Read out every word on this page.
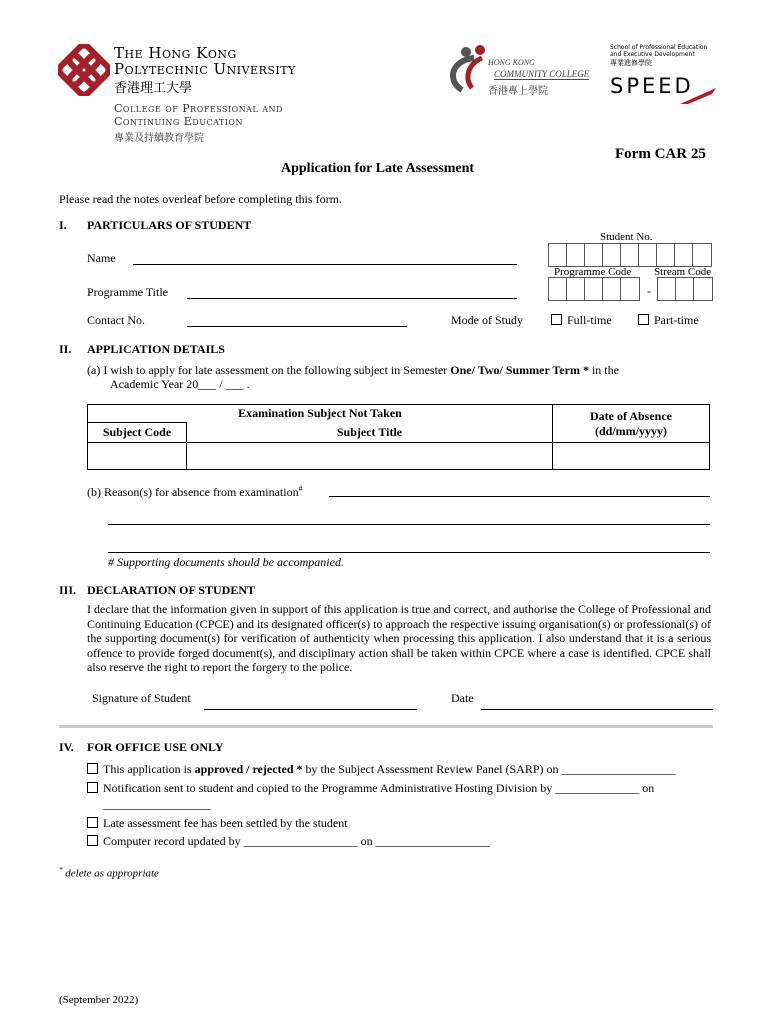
The Hong Kong
Polytechnic University
香港理工大學
College of Professional and
Continuing Education
專業及持續教育學院
HONG KONG
COMMUNITY COLLEGE
香港專上學院
School of Professional Education
and Executive Development
專業進修學院
SPEED
Form CAR 25
Application for Late Assessment
Please read the notes overleaf before completing this form.
I. PARTICULARS OF STUDENT
Student No.
Name
Programme Code Stream Code
-
Programme Title
Contact No.	Mode of Study	Full-time	Part-time
II. APPLICATION DETAILS
(a) I wish to apply for late assessment on the following subject in Semester One/ Two/ Summer Term * in the
Academic Year 20___ / ___ .
Examination Subject Not Taken		Date of Absence
(dd/mm/yyyy)

Subject Code	Subject Title	

(b) Reason(s) for absence from examination#
# Supporting documents should be accompanied.
III. DECLARATION OF STUDENT
I declare that the information given in support of this application is true and correct, and authorise the College of Professional and Continuing Education (CPCE) and its designated officer(s) to approach the respective issuing organisation(s) or professional(s) of the supporting document(s) for verification of authenticity when processing this application. I also understand that it is a serious offence to provide forged document(s), and disciplinary action shall be taken within CPCE where a case is identified. CPCE shall also reserve the right to report the forgery to the police.
Signature of Student	Date
IV. FOR OFFICE USE ONLY
This application is approved / rejected * by the Subject Assessment Review Panel (SARP) on ___________________
Notification sent to student and copied to the Programme Administrative Hosting Division by ______________ on
__________________
Late assessment fee has been settled by the student
Computer record updated by ___________________ on ___________________
* delete as appropriate
(September 2022)
